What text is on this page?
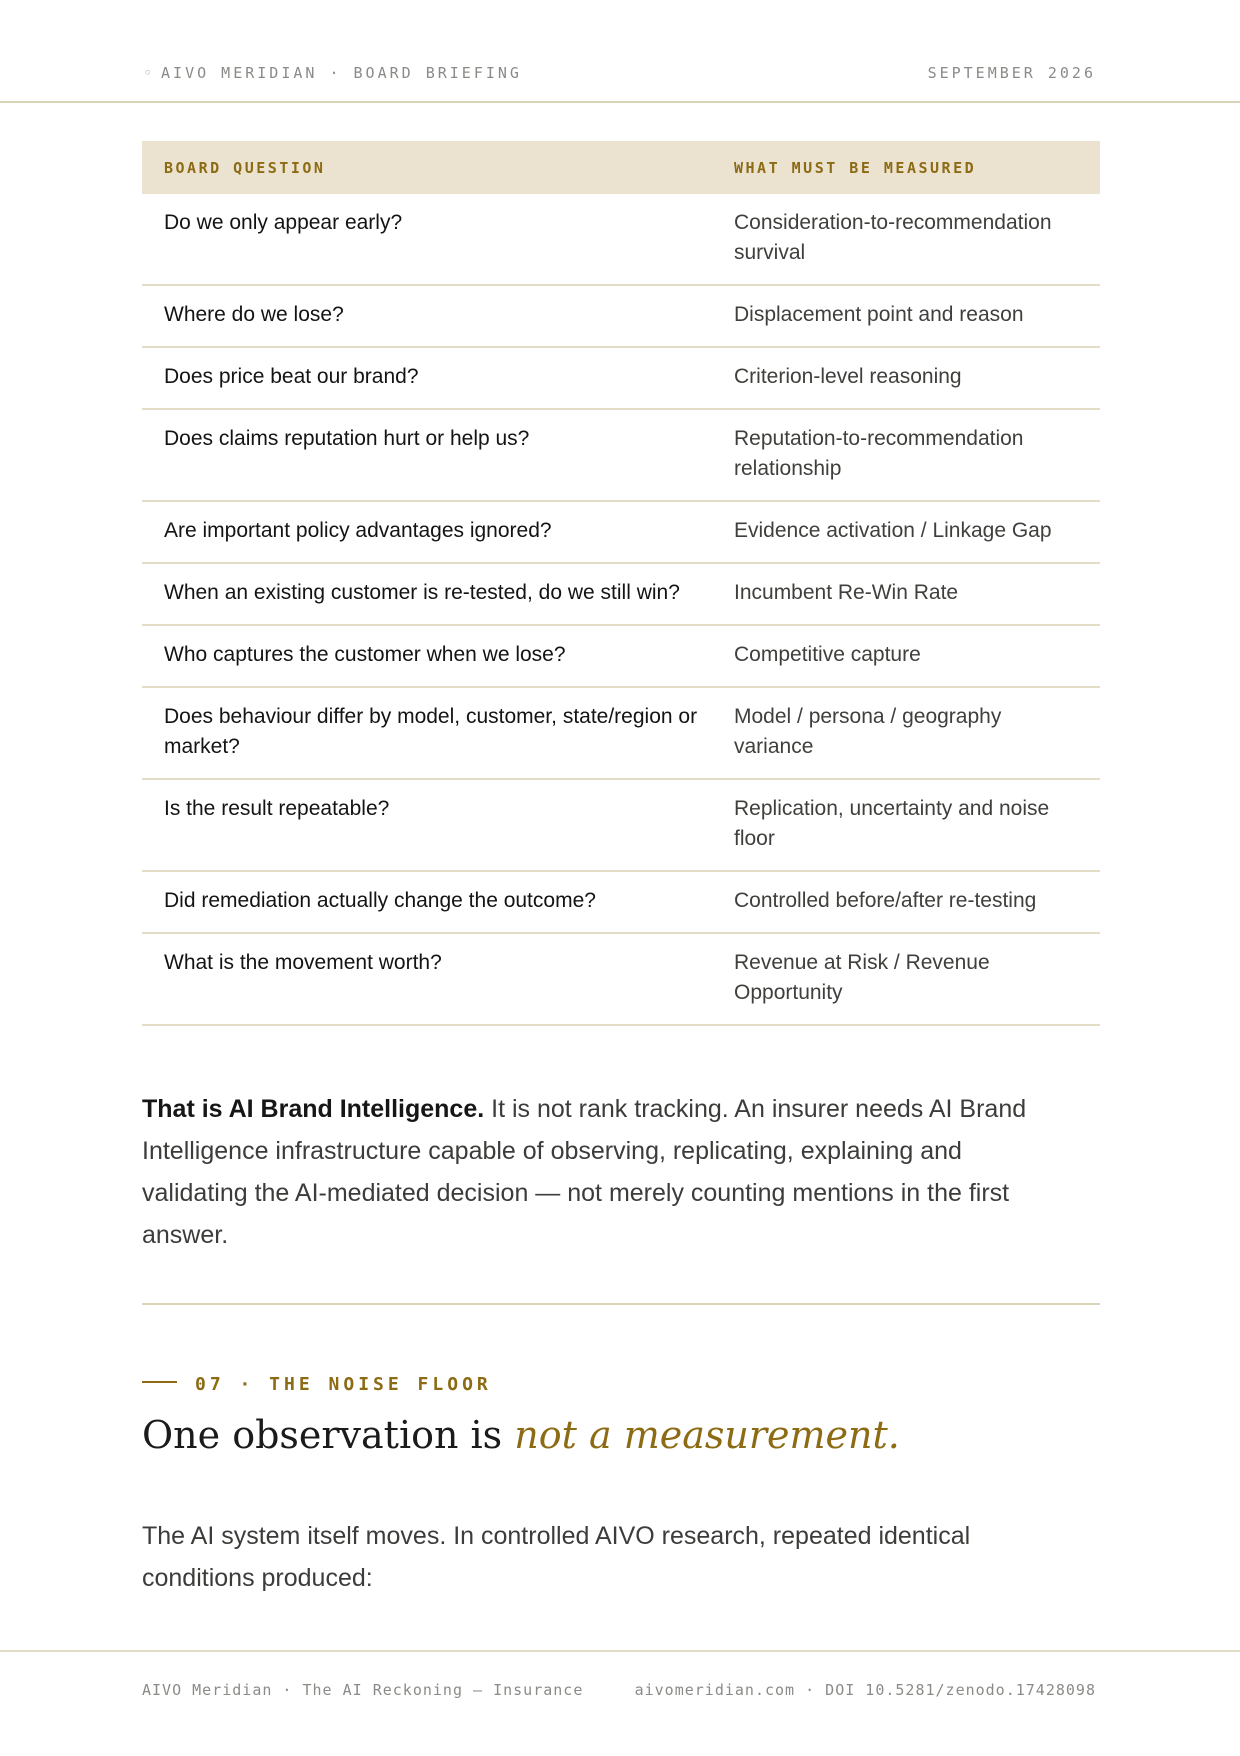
◦ AIVO MERIDIAN · BOARD BRIEFING	SEPTEMBER 2026
BOARD QUESTION	WHAT MUST BE MEASURED
Do we only appear early?	Consideration-to-recommendation survival
Where do we lose?	Displacement point and reason
Does price beat our brand?	Criterion-level reasoning
Does claims reputation hurt or help us?	Reputation-to-recommendation relationship
Are important policy advantages ignored?	Evidence activation / Linkage Gap
When an existing customer is re-tested, do we still win?	Incumbent Re-Win Rate
Who captures the customer when we lose?	Competitive capture
Does behaviour differ by model, customer, state/region or market?	Model / persona / geography variance
Is the result repeatable?	Replication, uncertainty and noise floor
Did remediation actually change the outcome?	Controlled before/after re-testing
What is the movement worth?	Revenue at Risk / Revenue Opportunity

That is AI Brand Intelligence. It is not rank tracking. An insurer needs AI Brand Intelligence infrastructure capable of observing, replicating, explaining and validating the AI-mediated decision — not merely counting mentions in the first answer.

07 · THE NOISE FLOOR
One observation is not a measurement.

The AI system itself moves. In controlled AIVO research, repeated identical conditions produced:

AIVO Meridian · The AI Reckoning — Insurance	aivomeridian.com · DOI 10.5281/zenodo.17428098
